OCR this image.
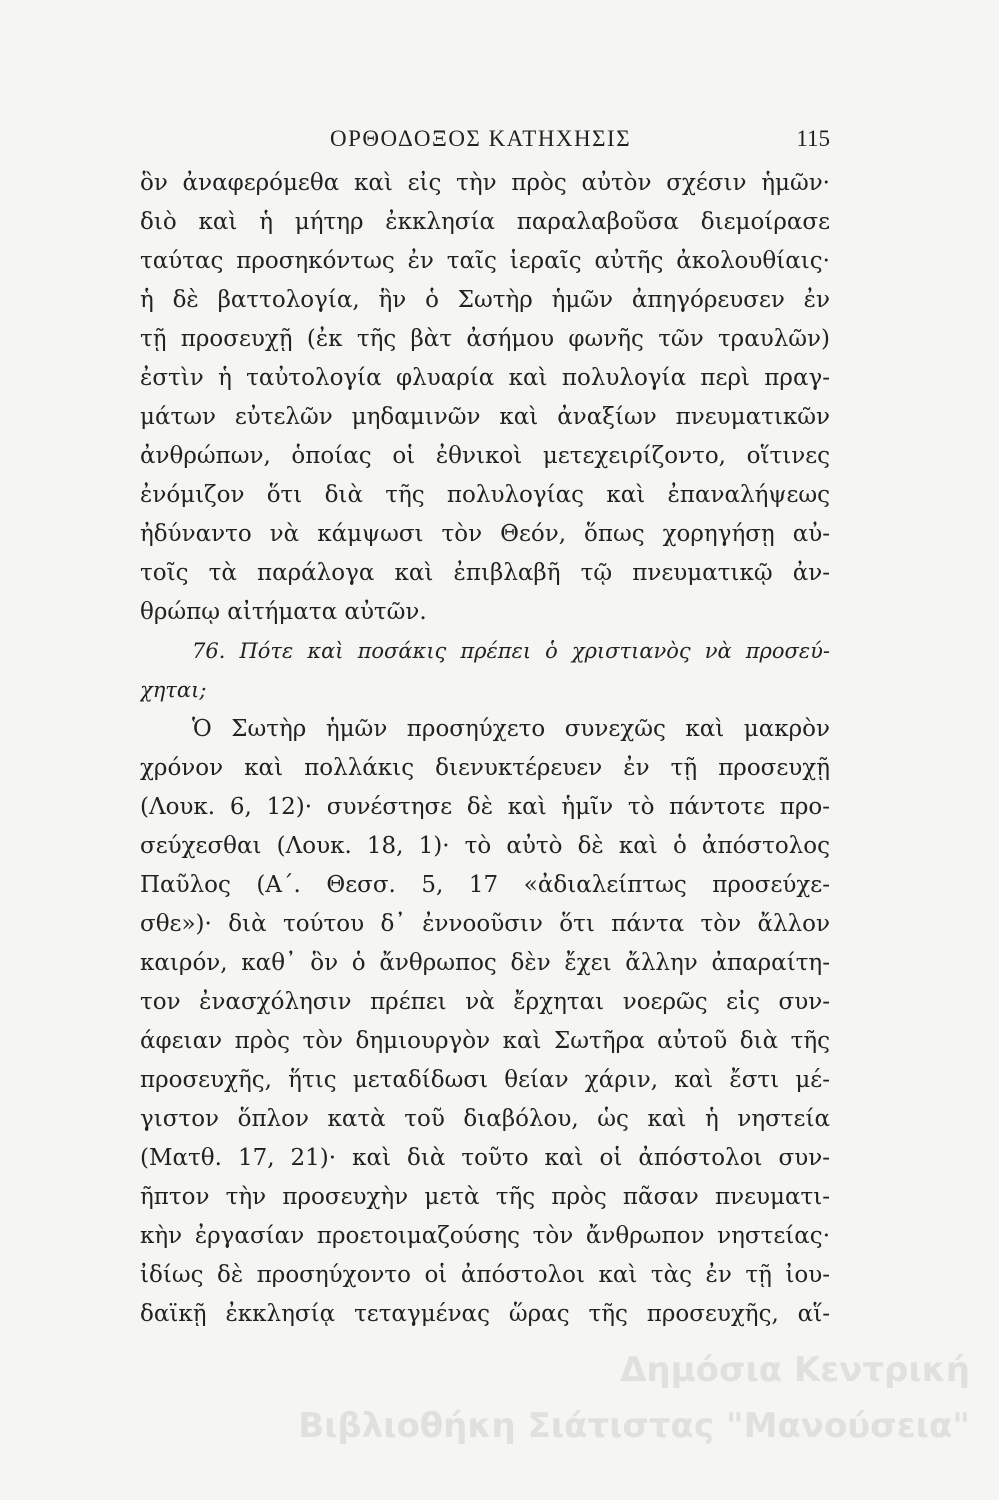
ΟΡΘΟΔΟΞΟΣ ΚΑΤΗΧΗΣΙΣ	115
ὃν ἀναφερόμεθα καὶ εἰς τὴν πρὸς αὐτὸν σχέσιν ἡμῶν·
διὸ καὶ ἡ μήτηρ ἐκκλησία παραλαβοῦσα διεμοίρασε
ταύτας προσηκόντως ἐν ταῖς ἱεραῖς αὐτῆς ἀκολουθίαις·
ἡ δὲ βαττολογία, ἣν ὁ Σωτὴρ ἡμῶν ἀπηγόρευσεν ἐν
τῇ προσευχῇ (ἐκ τῆς βὰτ ἀσήμου φωνῆς τῶν τραυλῶν)
ἐστὶν ἡ ταὐτολογία φλυαρία καὶ πολυλογία περὶ πραγ-
μάτων εὐτελῶν μηδαμινῶν καὶ ἀναξίων πνευματικῶν
ἀνθρώπων, ὁποίας οἱ ἐθνικοὶ μετεχειρίζοντο, οἵτινες
ἐνόμιζον ὅτι διὰ τῆς πολυλογίας καὶ ἐπαναλήψεως
ἠδύναντο νὰ κάμψωσι τὸν Θεόν, ὅπως χορηγήσῃ αὐ-
τοῖς τὰ παράλογα καὶ ἐπιβλαβῆ τῷ πνευματικῷ ἀν-
θρώπῳ αἰτήματα αὐτῶν.
76. Πότε καὶ ποσάκις πρέπει ὁ χριστιανὸς νὰ προσεύ-
χηται;
Ὁ Σωτὴρ ἡμῶν προσηύχετο συνεχῶς καὶ μακρὸν
χρόνον καὶ πολλάκις διενυκτέρευεν ἐν τῇ προσευχῇ
(Λουκ. 6, 12)· συνέστησε δὲ καὶ ἡμῖν τὸ πάντοτε προ-
σεύχεσθαι (Λουκ. 18, 1)· τὸ αὐτὸ δὲ καὶ ὁ ἀπόστολος
Παῦλος (Α΄. Θεσσ. 5, 17 «ἀδιαλείπτως προσεύχε-
σθε»)· διὰ τούτου δ᾽ ἐννοοῦσιν ὅτι πάντα τὸν ἄλλον
καιρόν, καθ᾽ ὃν ὁ ἄνθρωπος δὲν ἔχει ἄλλην ἀπαραίτη-
τον ἐνασχόλησιν πρέπει νὰ ἔρχηται νοερῶς εἰς συν-
άφειαν πρὸς τὸν δημιουργὸν καὶ Σωτῆρα αὐτοῦ διὰ τῆς
προσευχῆς, ἥτις μεταδίδωσι θείαν χάριν, καὶ ἔστι μέ-
γιστον ὅπλον κατὰ τοῦ διαβόλου, ὡς καὶ ἡ νηστεία
(Ματθ. 17, 21)· καὶ διὰ τοῦτο καὶ οἱ ἀπόστολοι συν-
ῆπτον τὴν προσευχὴν μετὰ τῆς πρὸς πᾶσαν πνευματι-
κὴν ἐργασίαν προετοιμαζούσης τὸν ἄνθρωπον νηστείας·
ἰδίως δὲ προσηύχοντο οἱ ἀπόστολοι καὶ τὰς ἐν τῇ ἰου-
δαϊκῇ ἐκκλησίᾳ τεταγμένας ὥρας τῆς προσευχῆς, αἵ-
Δημόσια Κεντρική
Βιβλιοθήκη Σιάτιστας "Μανούσεια"
